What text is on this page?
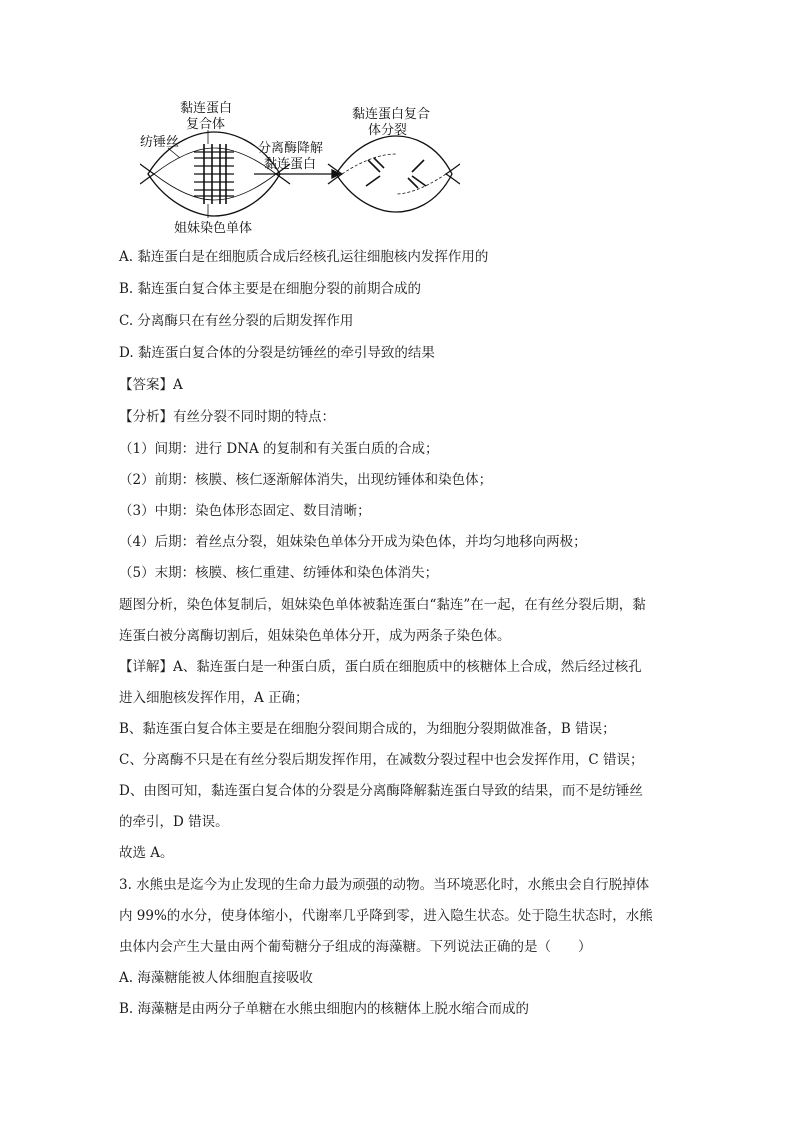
黏连蛋白
复合体
纺锤丝
姐妹染色单体
分离酶降解
黏连蛋白
黏连蛋白复合
体分裂
A. 黏连蛋白是在细胞质合成后经核孔运往细胞核内发挥作用的
B. 黏连蛋白复合体主要是在细胞分裂的前期合成的
C. 分离酶只在有丝分裂的后期发挥作用
D. 黏连蛋白复合体的分裂是纺锤丝的牵引导致的结果
【答案】A
【分析】有丝分裂不同时期的特点：
（1）间期：进行 DNA 的复制和有关蛋白质的合成；
（2）前期：核膜、核仁逐渐解体消失，出现纺锤体和染色体；
（3）中期：染色体形态固定、数目清晰；
（4）后期：着丝点分裂，姐妹染色单体分开成为染色体，并均匀地移向两极；
（5）末期：核膜、核仁重建、纺锤体和染色体消失；
题图分析，染色体复制后，姐妹染色单体被黏连蛋白“黏连”在一起，在有丝分裂后期，黏
连蛋白被分离酶切割后，姐妹染色单体分开，成为两条子染色体。
【详解】A、黏连蛋白是一种蛋白质，蛋白质在细胞质中的核糖体上合成，然后经过核孔
进入细胞核发挥作用，A 正确；
B、黏连蛋白复合体主要是在细胞分裂间期合成的，为细胞分裂期做准备，B 错误；
C、分离酶不只是在有丝分裂后期发挥作用，在减数分裂过程中也会发挥作用，C 错误；
D、由图可知，黏连蛋白复合体的分裂是分离酶降解黏连蛋白导致的结果，而不是纺锤丝
的牵引，D 错误。
故选 A。
3. 水熊虫是迄今为止发现的生命力最为顽强的动物。当环境恶化时，水熊虫会自行脱掉体
内 99%的水分，使身体缩小，代谢率几乎降到零，进入隐生状态。处于隐生状态时，水熊
虫体内会产生大量由两个葡萄糖分子组成的海藻糖。下列说法正确的是（　　）
A. 海藻糖能被人体细胞直接吸收
B. 海藻糖是由两分子单糖在水熊虫细胞内的核糖体上脱水缩合而成的
